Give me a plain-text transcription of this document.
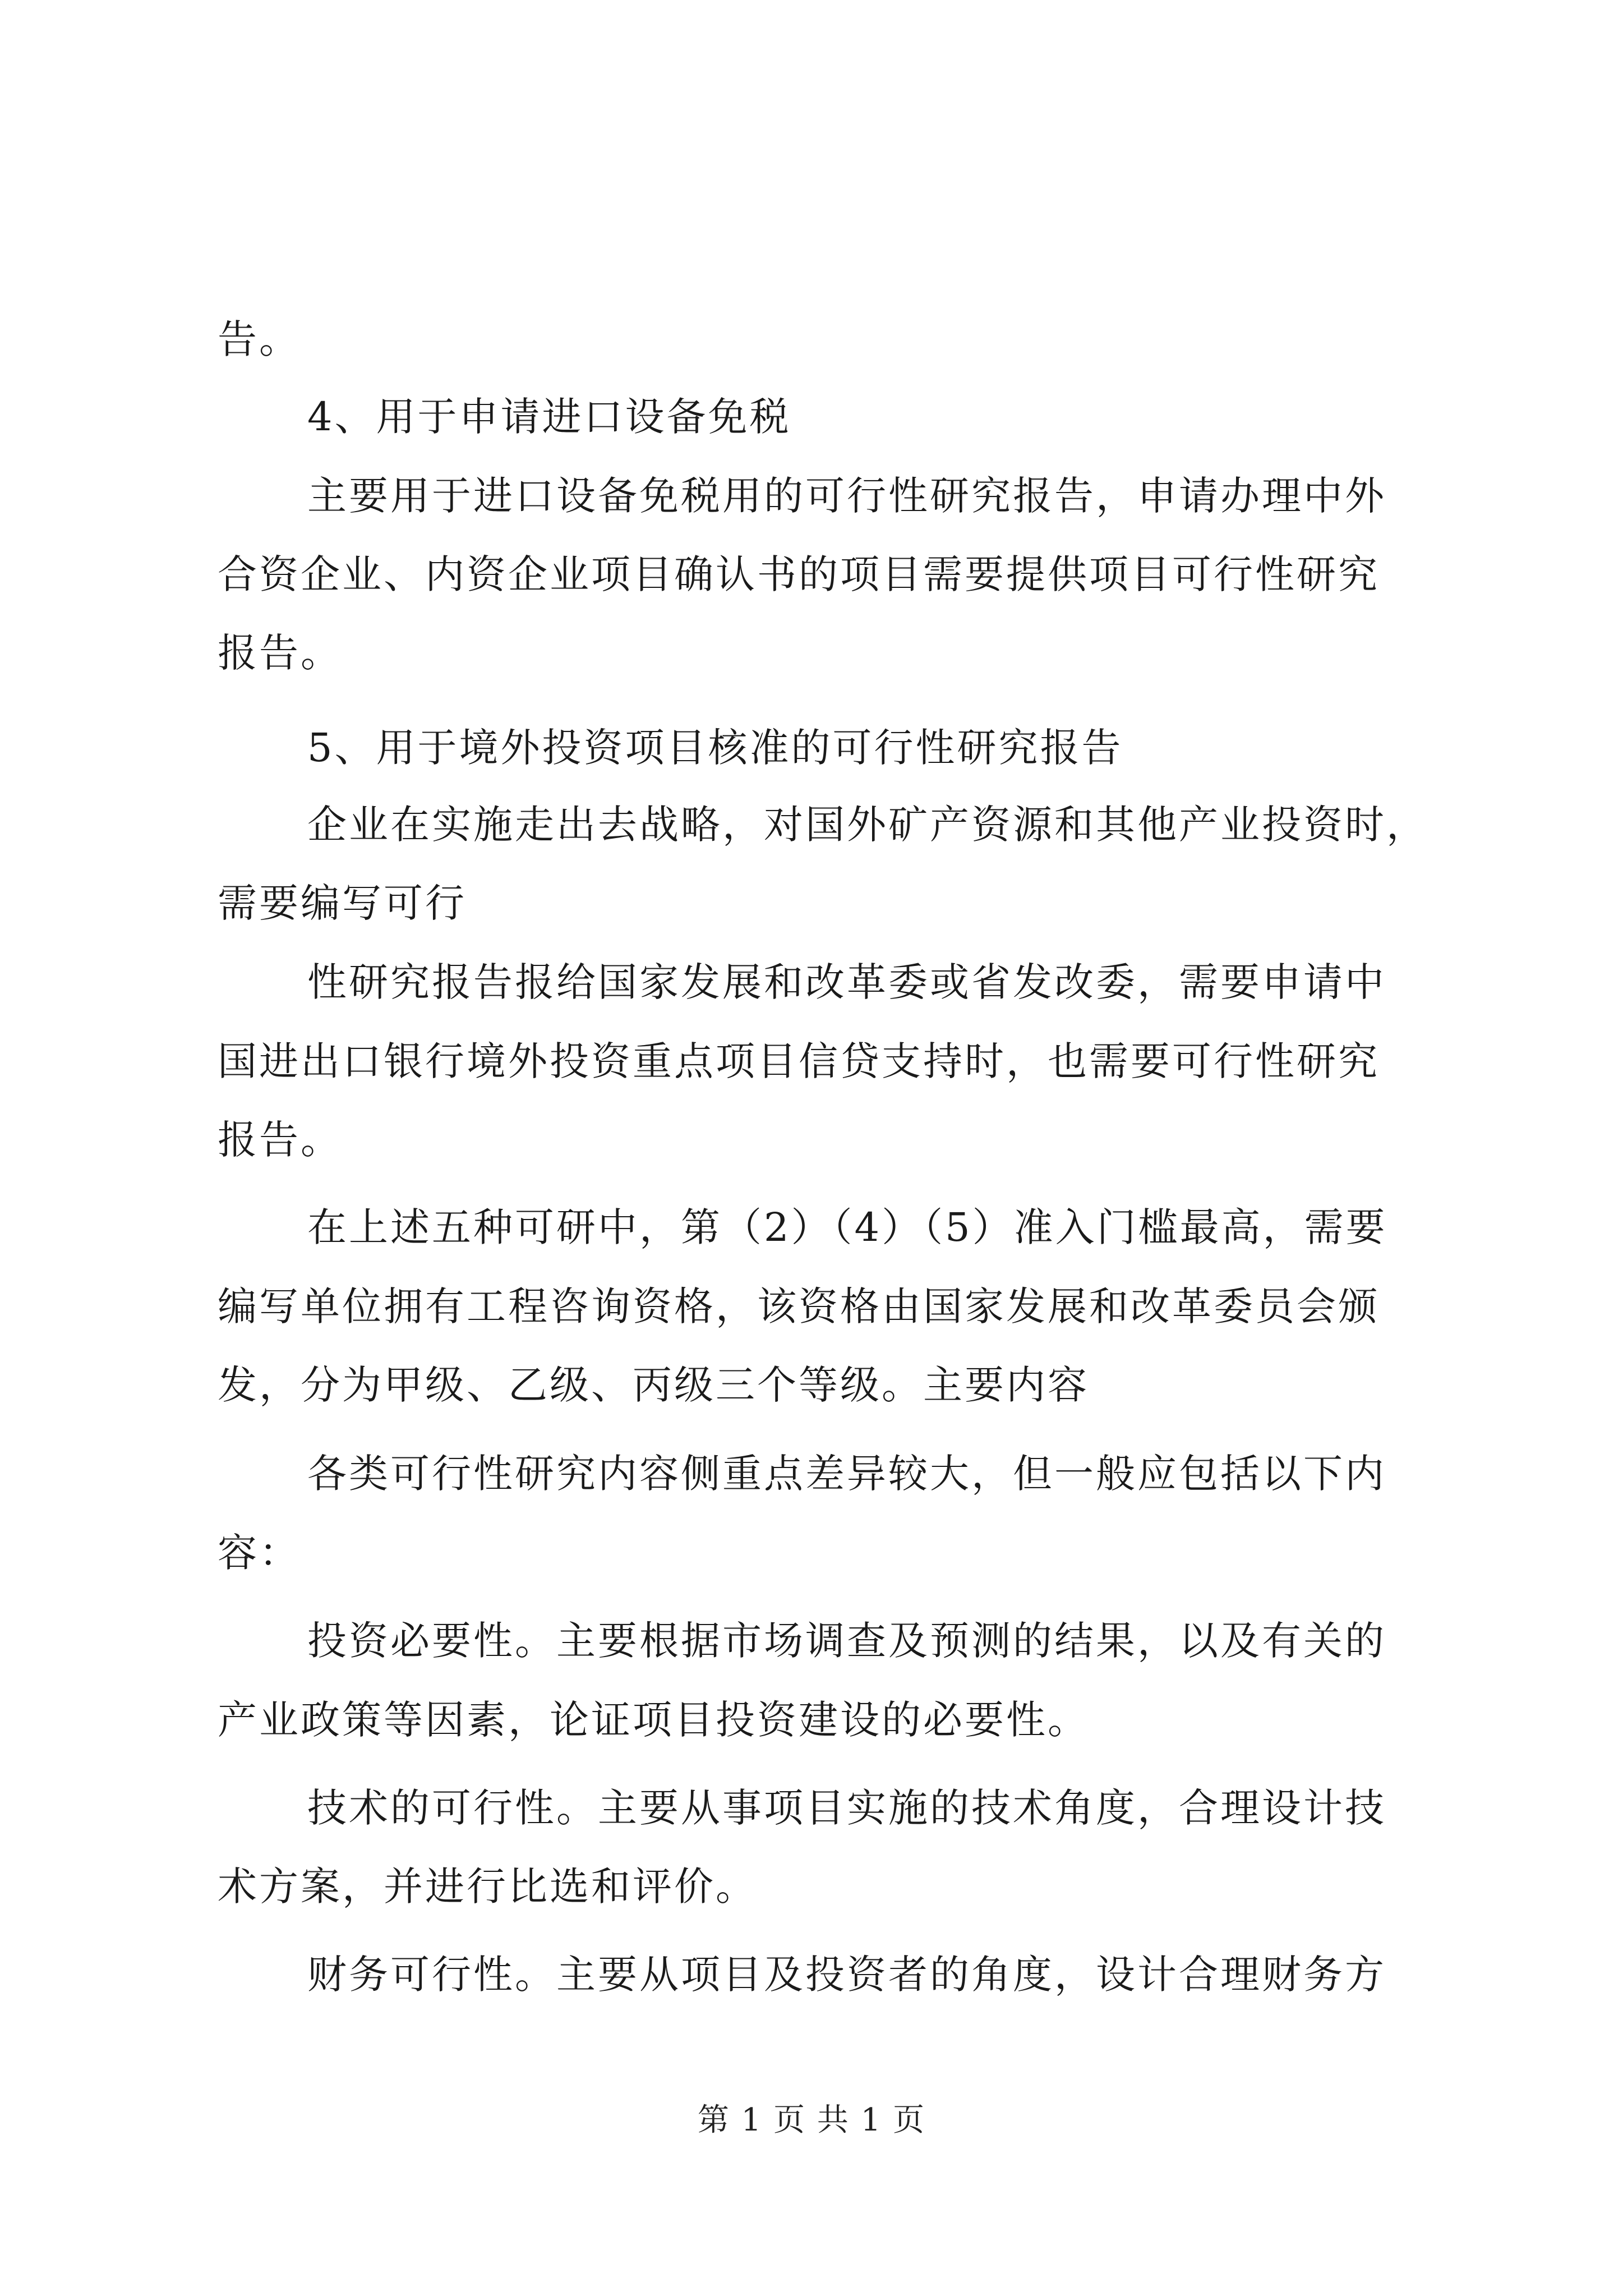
告。
4、用于申请进口设备免税
主要用于进口设备免税用的可行性研究报告，申请办理中外
合资企业、内资企业项目确认书的项目需要提供项目可行性研究
报告。
5、用于境外投资项目核准的可行性研究报告
企业在实施走出去战略，对国外矿产资源和其他产业投资时，
需要编写可行
性研究报告报给国家发展和改革委或省发改委，需要申请中
国进出口银行境外投资重点项目信贷支持时，也需要可行性研究
报告。
在上述五种可研中，第（2）（4）（5）准入门槛最高，需要
编写单位拥有工程咨询资格，该资格由国家发展和改革委员会颁
发，分为甲级、乙级、丙级三个等级。主要内容
各类可行性研究内容侧重点差异较大，但一般应包括以下内
容：
投资必要性。主要根据市场调查及预测的结果，以及有关的
产业政策等因素，论证项目投资建设的必要性。
技术的可行性。主要从事项目实施的技术角度，合理设计技
术方案，并进行比选和评价。
财务可行性。主要从项目及投资者的角度，设计合理财务方
第 1 页 共 1 页
